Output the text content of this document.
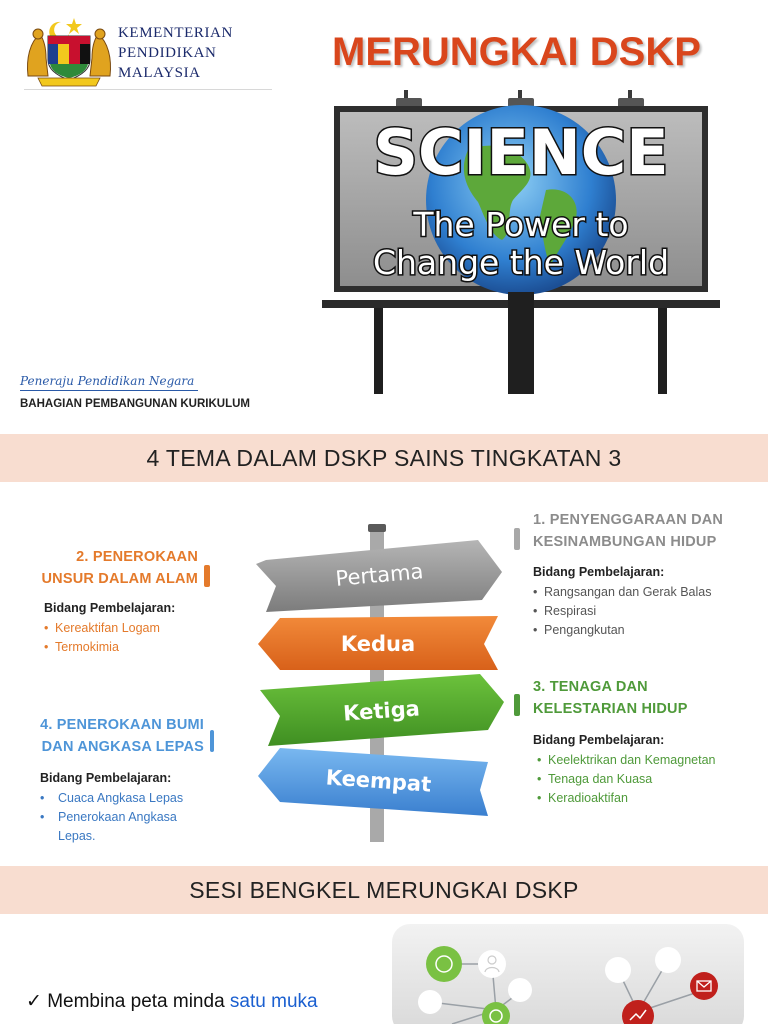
KEMENTERIAN
PENDIDIKAN
MALAYSIA	MERUNGKAI DSKP
SCIENCE
The Power to
Change the World
Peneraju Pendidikan Negara
BAHAGIAN PEMBANGUNAN KURIKULUM
4 TEMA DALAM DSKP SAINS TINGKATAN 3
2. PENEROKAAN
UNSUR DALAM ALAM
Bidang Pembelajaran:
• Kereaktifan Logam
• Termokimia
4. PENEROKAAN BUMI
DAN ANGKASA LEPAS
Bidang Pembelajaran:
• Cuaca Angkasa Lepas
• Penerokaan Angkasa Lepas.
Pertama
Kedua
Ketiga
Keempat
1. PENYENGGARAAN DAN
KESINAMBUNGAN HIDUP
Bidang Pembelajaran:
• Rangsangan dan Gerak Balas
• Respirasi
• Pengangkutan
3. TENAGA DAN
KELESTARIAN HIDUP
Bidang Pembelajaran:
• Keelektrikan dan Kemagnetan
• Tenaga dan Kuasa
• Keradioaktifan
SESI BENGKEL MERUNGKAI DSKP
✓ Membina peta minda satu muka
